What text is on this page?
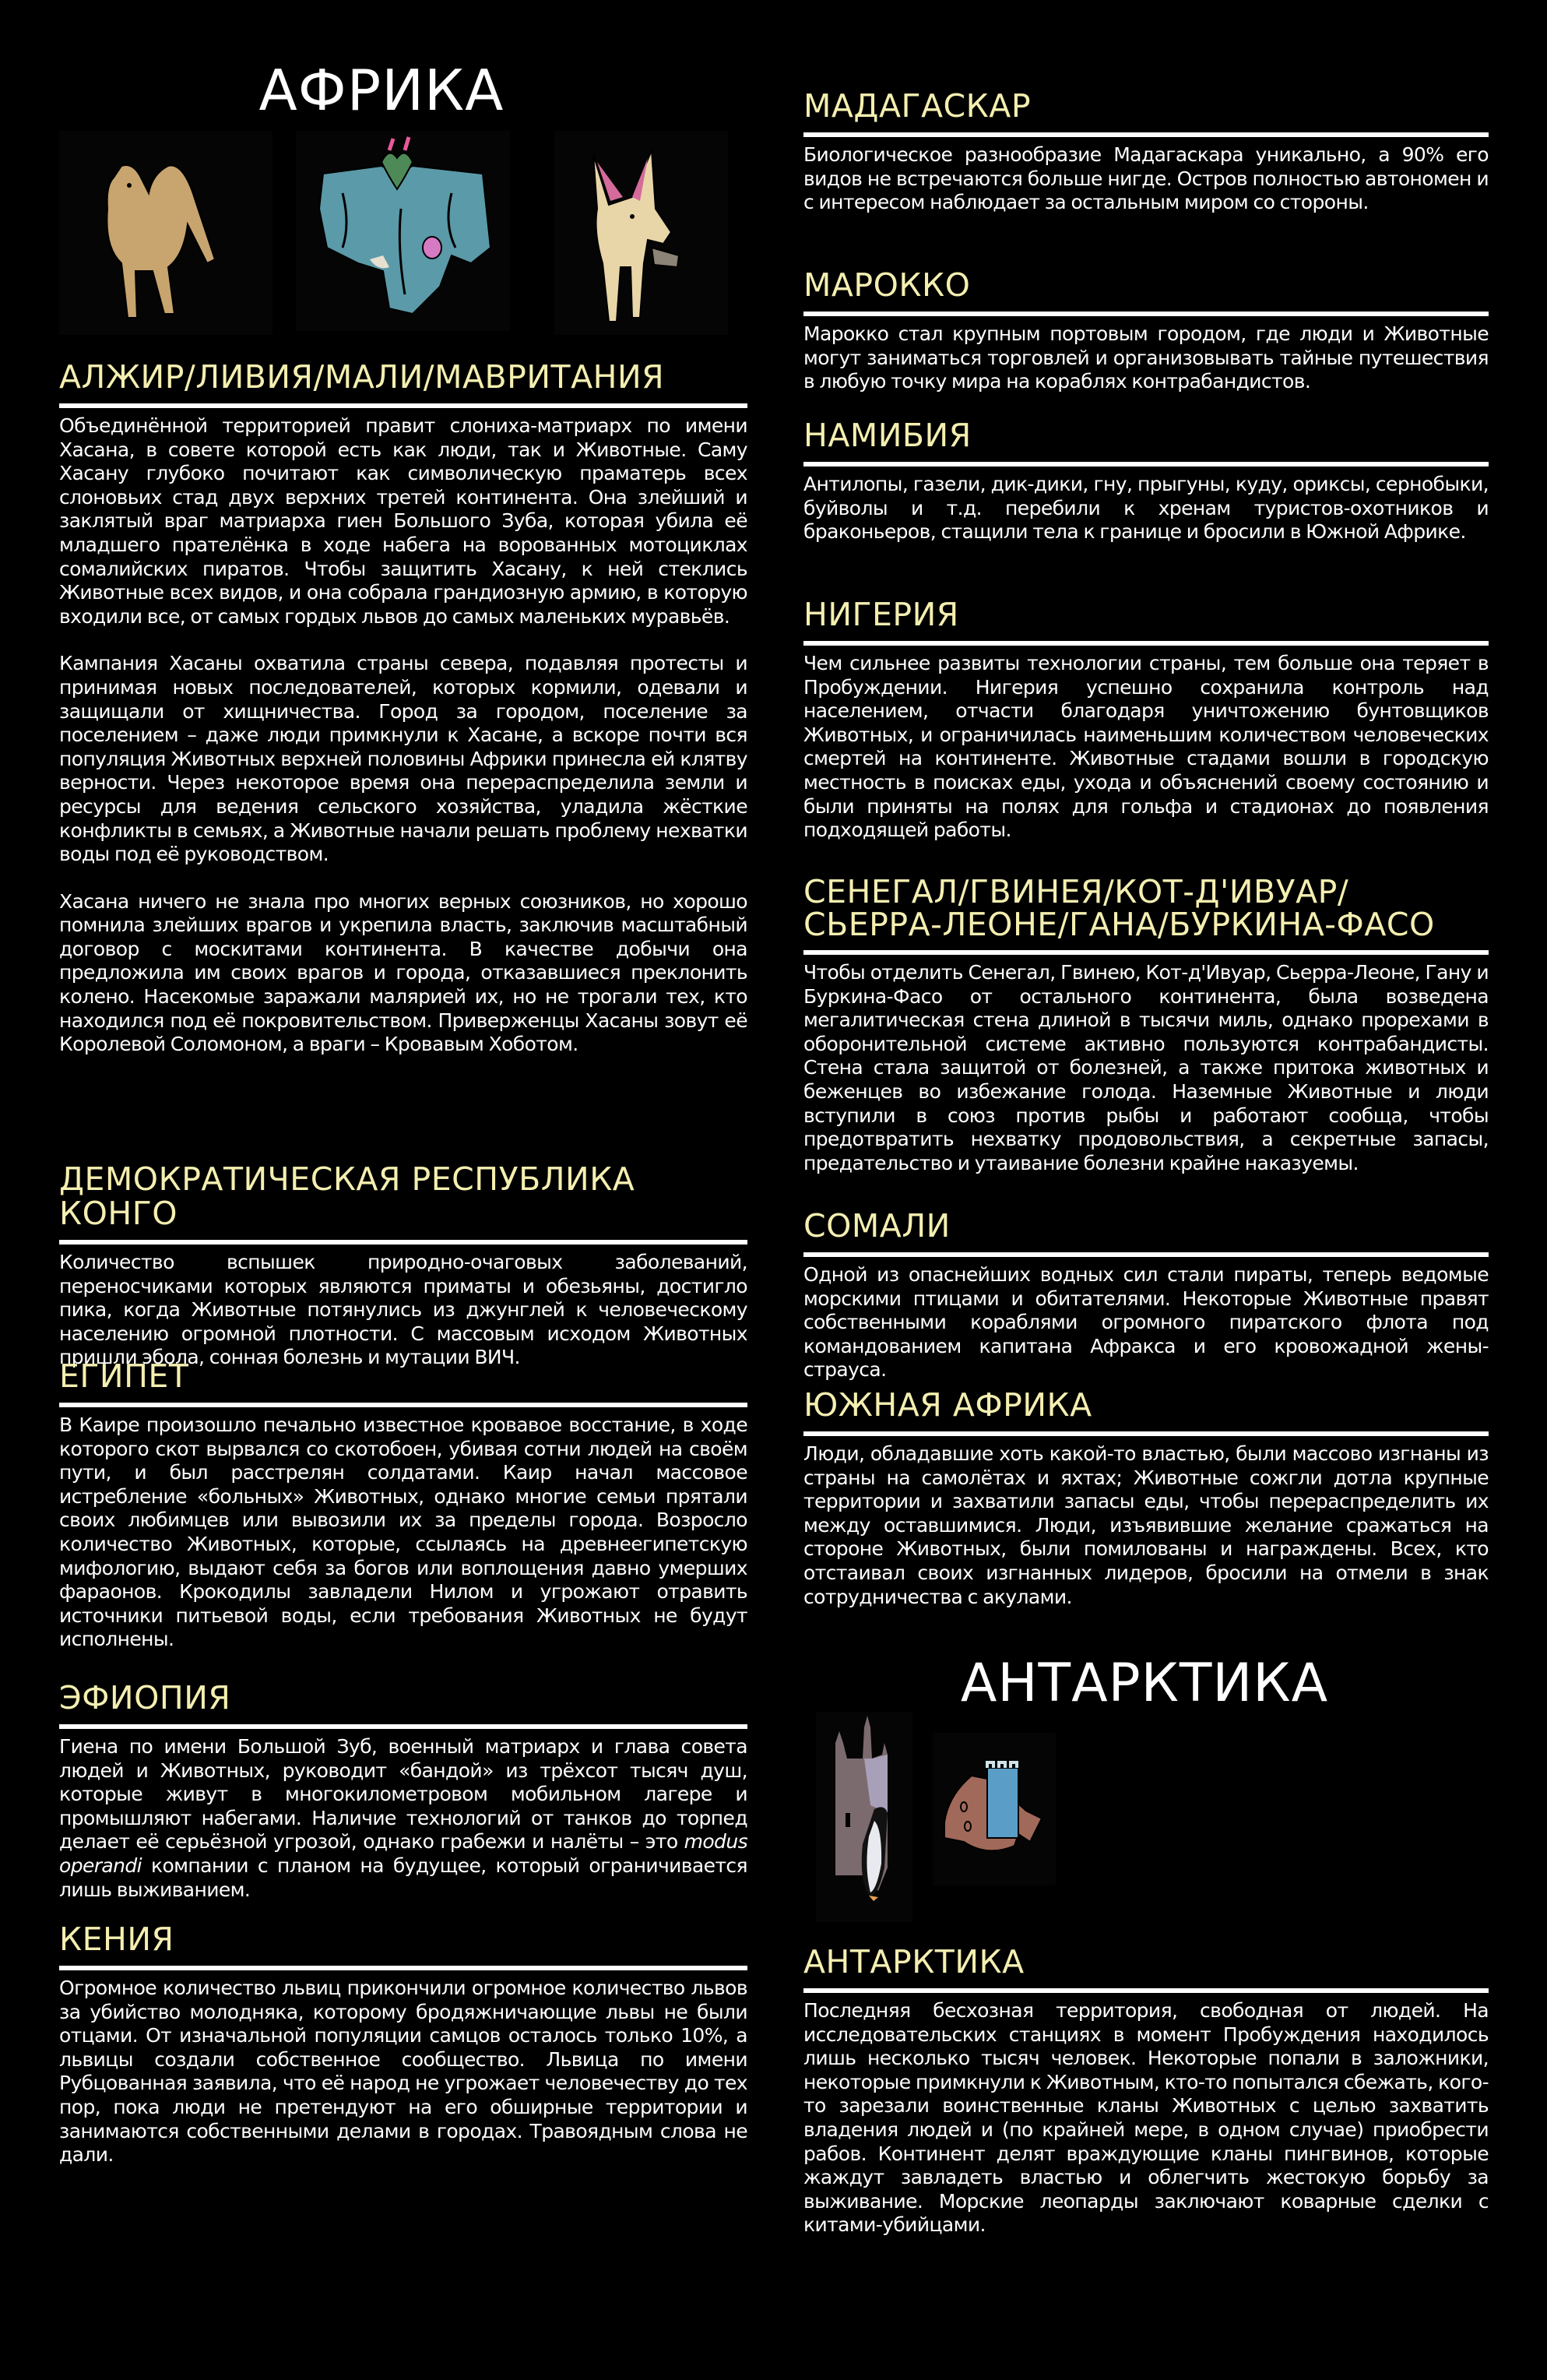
АФРИКА
АЛЖИР/ЛИВИЯ/МАЛИ/МАВРИТАНИЯ

Объединённой территорией правит слониха-матриарх по имени Хасана, в совете которой есть как люди, так и Животные. Саму Хасану глубоко почитают как символическую праматерь всех слоновьих стад двух верхних третей континента. Она злейший и заклятый враг матриарха гиен Большого Зуба, которая убила её младшего прателёнка в ходе набега на ворованных мотоциклах сомалийских пиратов. Чтобы защитить Хасану, к ней стеклись Животные всех видов, и она собрала грандиозную армию, в которую входили все, от самых гордых львов до самых маленьких муравьёв.

Кампания Хасаны охватила страны севера, подавляя протесты и принимая новых последователей, которых кормили, одевали и защищали от хищничества. Город за городом, поселение за поселением – даже люди примкнули к Хасане, а вскоре почти вся популяция Животных верхней половины Африки принесла ей клятву верности. Через некоторое время она перераспределила земли и ресурсы для ведения сельского хозяйства, уладила жёсткие конфликты в семьях, а Животные начали решать проблему нехватки воды под её руководством.

Хасана ничего не знала про многих верных союзников, но хорошо помнила злейших врагов и укрепила власть, заключив масштабный договор с москитами континента. В качестве добычи она предложила им своих врагов и города, отказавшиеся преклонить колено. Насекомые заражали малярией их, но не трогали тех, кто находился под её покровительством. Приверженцы Хасаны зовут её Королевой Соломоном, а враги – Кровавым Хоботом.

ДЕМОКРАТИЧЕСКАЯ РЕСПУБЛИКА КОНГО

Количество вспышек природно-очаговых заболеваний, переносчиками которых являются приматы и обезьяны, достигло пика, когда Животные потянулись из джунглей к человеческому населению огромной плотности. С массовым исходом Животных пришли эбола, сонная болезнь и мутации ВИЧ.

ЕГИПЕТ

В Каире произошло печально известное кровавое восстание, в ходе которого скот вырвался со скотобоен, убивая сотни людей на своём пути, и был расстрелян солдатами. Каир начал массовое истребление «больных» Животных, однако многие семьи прятали своих любимцев или вывозили их за пределы города. Возросло количество Животных, которые, ссылаясь на древнеегипетскую мифологию, выдают себя за богов или воплощения давно умерших фараонов. Крокодилы завладели Нилом и угрожают отравить источники питьевой воды, если требования Животных не будут исполнены.

ЭФИОПИЯ

Гиена по имени Большой Зуб, военный матриарх и глава совета людей и Животных, руководит «бандой» из трёхсот тысяч душ, которые живут в многокилометровом мобильном лагере и промышляют набегами. Наличие технологий от танков до торпед делает её серьёзной угрозой, однако грабежи и налёты – это modus operandi компании с планом на будущее, который ограничивается лишь выживанием.

КЕНИЯ

Огромное количество львиц прикончили огромное количество львов за убийство молодняка, которому бродяжничающие львы не были отцами. От изначальной популяции самцов осталось только 10%, а львицы создали собственное сообщество. Львица по имени Рубцованная заявила, что её народ не угрожает человечеству до тех пор, пока люди не претендуют на его обширные территории и занимаются собственными делами в городах. Травоядным слова не дали.

МАДАГАСКАР

Биологическое разнообразие Мадагаскара уникально, а 90% его видов не встречаются больше нигде. Остров полностью автономен и с интересом наблюдает за остальным миром со стороны.

МАРОККО

Марокко стал крупным портовым городом, где люди и Животные могут заниматься торговлей и организовывать тайные путешествия в любую точку мира на кораблях контрабандистов.

НАМИБИЯ

Антилопы, газели, дик-дики, гну, прыгуны, куду, ориксы, сернобыки, буйволы и т.д. перебили к хренам туристов-охотников и браконьеров, стащили тела к границе и бросили в Южной Африке.

НИГЕРИЯ

Чем сильнее развиты технологии страны, тем больше она теряет в Пробуждении. Нигерия успешно сохранила контроль над населением, отчасти благодаря уничтожению бунтовщиков Животных, и ограничилась наименьшим количеством человеческих смертей на континенте. Животные стадами вошли в городскую местность в поисках еды, ухода и объяснений своему состоянию и были приняты на полях для гольфа и стадионах до появления подходящей работы.

СЕНЕГАЛ/ГВИНЕЯ/КОТ-Д'ИВУАР/ СЬЕРРА-ЛЕОНЕ/ГАНА/БУРКИНА-ФАСО

Чтобы отделить Сенегал, Гвинею, Кот-д'Ивуар, Сьерра-Леоне, Гану и Буркина-Фасо от остального континента, была возведена мегалитическая стена длиной в тысячи миль, однако прорехами в оборонительной системе активно пользуются контрабандисты. Стена стала защитой от болезней, а также притока животных и беженцев во избежание голода. Наземные Животные и люди вступили в союз против рыбы и работают сообща, чтобы предотвратить нехватку продовольствия, а секретные запасы, предательство и утаивание болезни крайне наказуемы.

СОМАЛИ

Одной из опаснейших водных сил стали пираты, теперь ведомые морскими птицами и обитателями. Некоторые Животные правят собственными кораблями огромного пиратского флота под командованием капитана Афракса и его кровожадной жены-страуса.

ЮЖНАЯ АФРИКА

Люди, обладавшие хоть какой-то властью, были массово изгнаны из страны на самолётах и яхтах; Животные сожгли дотла крупные территории и захватили запасы еды, чтобы перераспределить их между оставшимися. Люди, изъявившие желание сражаться на стороне Животных, были помилованы и награждены. Всех, кто отстаивал своих изгнанных лидеров, бросили на отмели в знак сотрудничества с акулами.

АНТАРКТИКА
АНТАРКТИКА

Последняя бесхозная территория, свободная от людей. На исследовательских станциях в момент Пробуждения находилось лишь несколько тысяч человек. Некоторые попали в заложники, некоторые примкнули к Животным, кто-то попытался сбежать, кого-то зарезали воинственные кланы Животных с целью захватить владения людей и (по крайней мере, в одном случае) приобрести рабов. Континент делят враждующие кланы пингвинов, которые жаждут завладеть властью и облегчить жестокую борьбу за выживание. Морские леопарды заключают коварные сделки с китами-убийцами.
